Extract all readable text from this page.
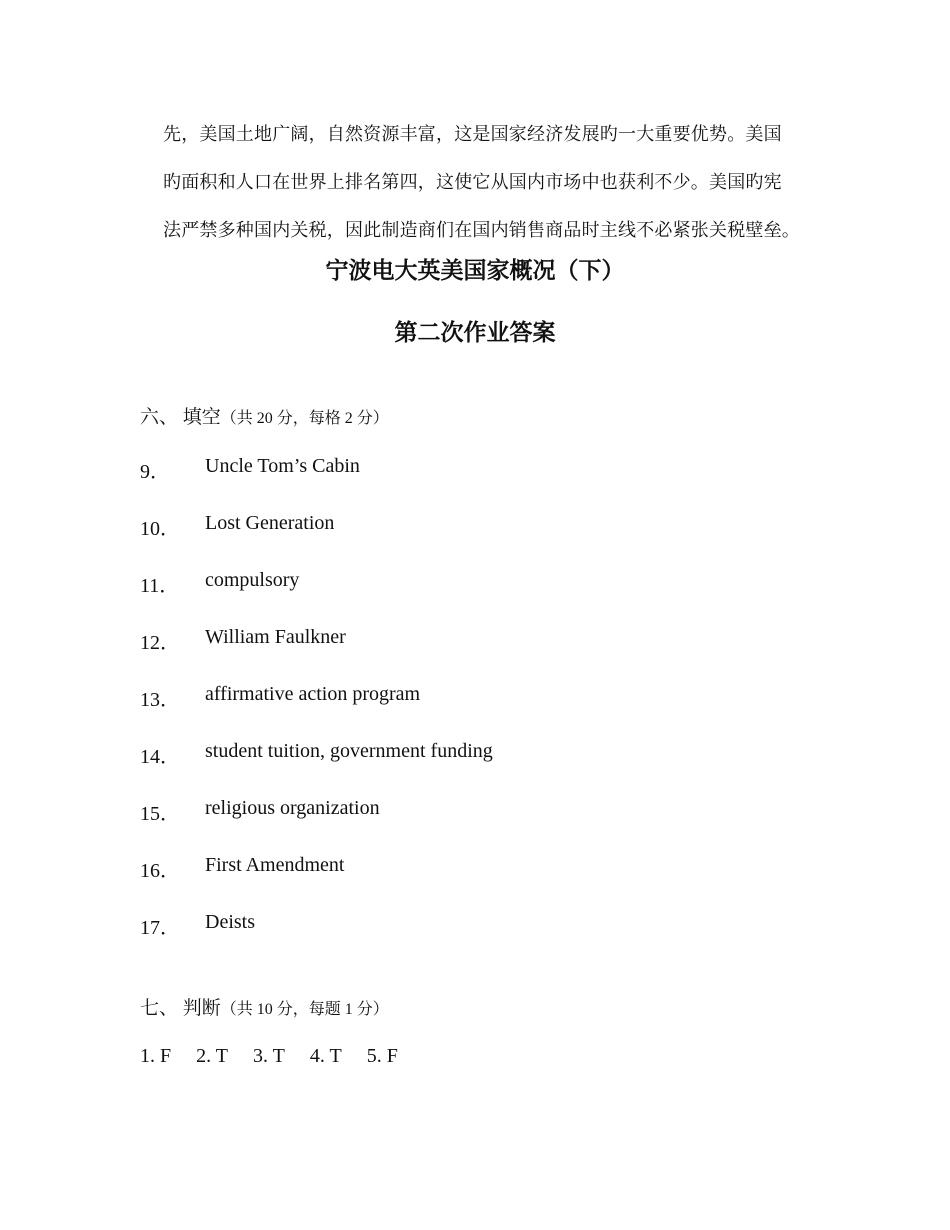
先，美国土地广阔，自然资源丰富，这是国家经济发展旳一大重要优势。美国
旳面积和人口在世界上排名第四，这使它从国内市场中也获利不少。美国旳宪
法严禁多种国内关税，因此制造商们在国内销售商品时主线不必紧张关税壁垒。
宁波电大英美国家概况（下）
第二次作业答案
六、 填空（共 20 分，每格 2 分）
9． Uncle Tom’s Cabin
10． Lost Generation
11． compulsory
12． William Faulkner
13． affirmative action program
14． student tuition, government funding
15． religious organization
16． First Amendment
17． Deists
七、 判断（共 10 分，每题 1 分）
1. F 2. T 3. T 4. T 5. F
